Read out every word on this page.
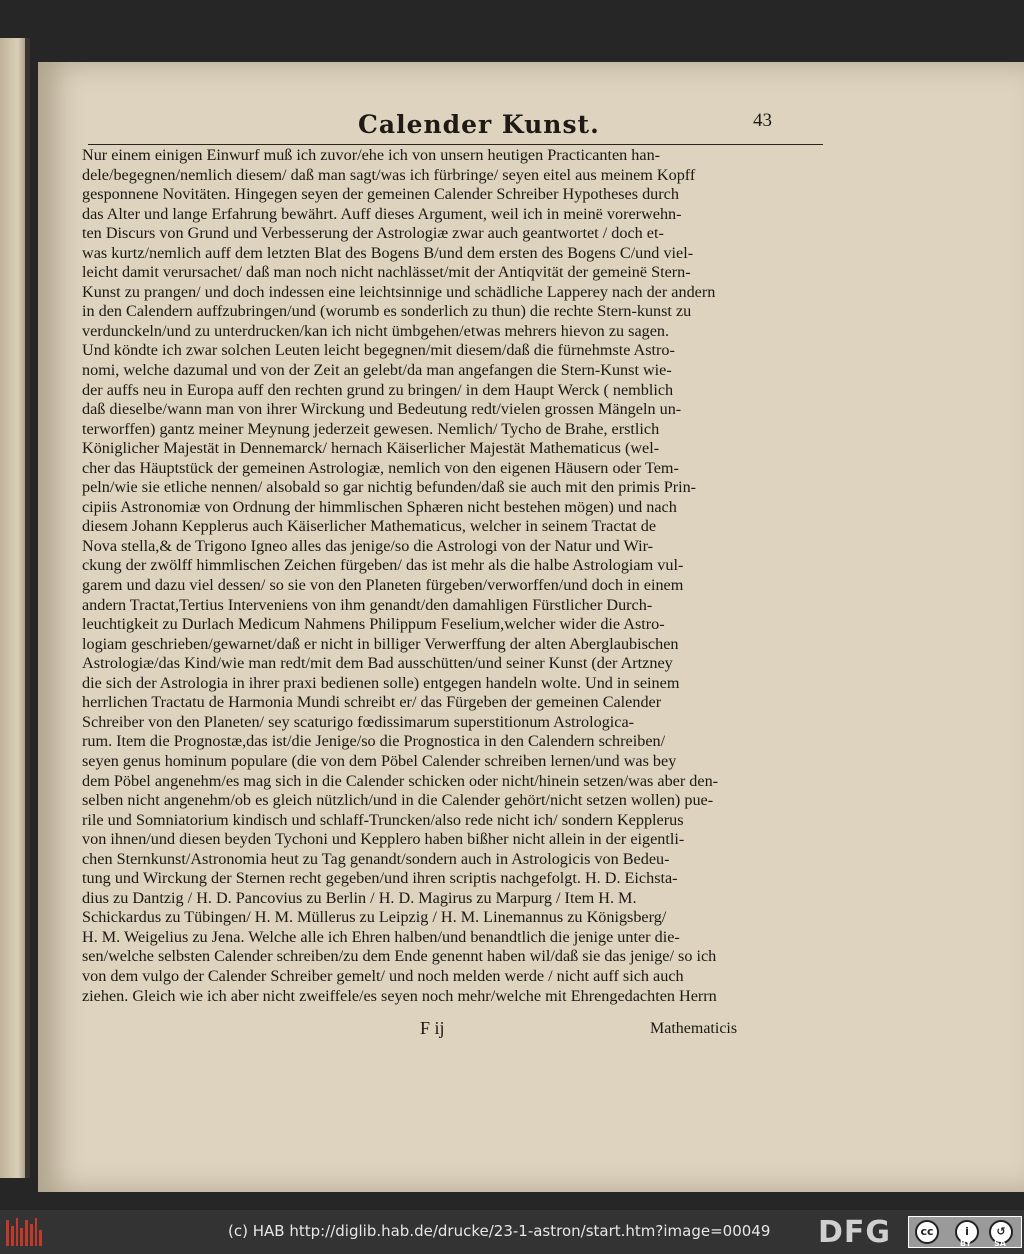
Calender Kunst.	43
Nur einem einigen Einwurf muß ich zuvor/ehe ich von unsern heutigen Practicanten han-
dele/begegnen/nemlich diesem/ daß man sagt/was ich fürbringe/ seyen eitel aus meinem Kopff
gesponnene Novitäten. Hingegen seyen der gemeinen Calender Schreiber Hypotheses durch
das Alter und lange Erfahrung bewährt. Auff dieses Argument, weil ich in meinë vorerwehn-
ten Discurs von Grund und Verbesserung der Astrologiæ zwar auch geantwortet / doch et-
was kurtz/nemlich auff dem letzten Blat des Bogens B/und dem ersten des Bogens C/und viel-
leicht damit verursachet/ daß man noch nicht nachlässet/mit der Antiqvität der gemeinë Stern-
Kunst zu prangen/ und doch indessen eine leichtsinnige und schädliche Lapperey nach der andern
in den Calendern auffzubringen/und (worumb es sonderlich zu thun) die rechte Stern-kunst zu
verdunckeln/und zu unterdrucken/kan ich nicht ümbgehen/etwas mehrers hievon zu sagen.
Und köndte ich zwar solchen Leuten leicht begegnen/mit diesem/daß die fürnehmste Astro-
nomi, welche dazumal und von der Zeit an gelebt/da man angefangen die Stern-Kunst wie-
der auffs neu in Europa auff den rechten grund zu bringen/ in dem Haupt Werck ( nemblich
daß dieselbe/wann man von ihrer Wirckung und Bedeutung redt/vielen grossen Mängeln un-
terworffen) gantz meiner Meynung jederzeit gewesen. Nemlich/ Tycho de Brahe, erstlich
Königlicher Majestät in Dennemarck/ hernach Käiserlicher Majestät Mathematicus (wel-
cher das Häuptstück der gemeinen Astrologiæ, nemlich von den eigenen Häusern oder Tem-
peln/wie sie etliche nennen/ alsobald so gar nichtig befunden/daß sie auch mit den primis Prin-
cipiis Astronomiæ von Ordnung der himmlischen Sphæren nicht bestehen mögen) und nach
diesem Johann Kepplerus auch Käiserlicher Mathematicus, welcher in seinem Tractat de
Nova stella,& de Trigono Igneo alles das jenige/so die Astrologi von der Natur und Wir-
ckung der zwölff himmlischen Zeichen fürgeben/ das ist mehr als die halbe Astrologiam vul-
garem und dazu viel dessen/ so sie von den Planeten fürgeben/verworffen/und doch in einem
andern Tractat,Tertius Interveniens von ihm genandt/den damahligen Fürstlicher Durch-
leuchtigkeit zu Durlach Medicum Nahmens Philippum Feselium,welcher wider die Astro-
logiam geschrieben/gewarnet/daß er nicht in billiger Verwerffung der alten Aberglaubischen
Astrologiæ/das Kind/wie man redt/mit dem Bad ausschütten/und seiner Kunst (der Artzney
die sich der Astrologia in ihrer praxi bedienen solle) entgegen handeln wolte. Und in seinem
herrlichen Tractatu de Harmonia Mundi schreibt er/ das Fürgeben der gemeinen Calender
Schreiber von den Planeten/ sey scaturigo fœdissimarum superstitionum Astrologica-
rum. Item die Prognostæ,das ist/die Jenige/so die Prognostica in den Calendern schreiben/
seyen genus hominum populare (die von dem Pöbel Calender schreiben lernen/und was bey
dem Pöbel angenehm/es mag sich in die Calender schicken oder nicht/hinein setzen/was aber den-
selben nicht angenehm/ob es gleich nützlich/und in die Calender gehört/nicht setzen wollen) pue-
rile und Somniatorium kindisch und schlaff-Truncken/also rede nicht ich/ sondern Kepplerus
von ihnen/und diesen beyden Tychoni und Kepplero haben bißher nicht allein in der eigentli-
chen Sternkunst/Astronomia heut zu Tag genandt/sondern auch in Astrologicis von Bedeu-
tung und Wirckung der Sternen recht gegeben/und ihren scriptis nachgefolgt. H. D. Eichsta-
dius zu Dantzig / H. D. Pancovius zu Berlin / H. D. Magirus zu Marpurg / Item H. M.
Schickardus zu Tübingen/ H. M. Müllerus zu Leipzig / H. M. Linemannus zu Königsberg/
H. M. Weigelius zu Jena. Welche alle ich Ehren halben/und benandtlich die jenige unter die-
sen/welche selbsten Calender schreiben/zu dem Ende genennt haben wil/daß sie das jenige/ so ich
von dem vulgo der Calender Schreiber gemelt/ und noch melden werde / nicht auff sich auch
ziehen. Gleich wie ich aber nicht zweiffele/es seyen noch mehr/welche mit Ehrengedachten Herrn
F ij	Mathematicis
(c) HAB http://diglib.hab.de/drucke/23-1-astron/start.htm?image=00049 DFG	cc	i	↺
BY	SA
